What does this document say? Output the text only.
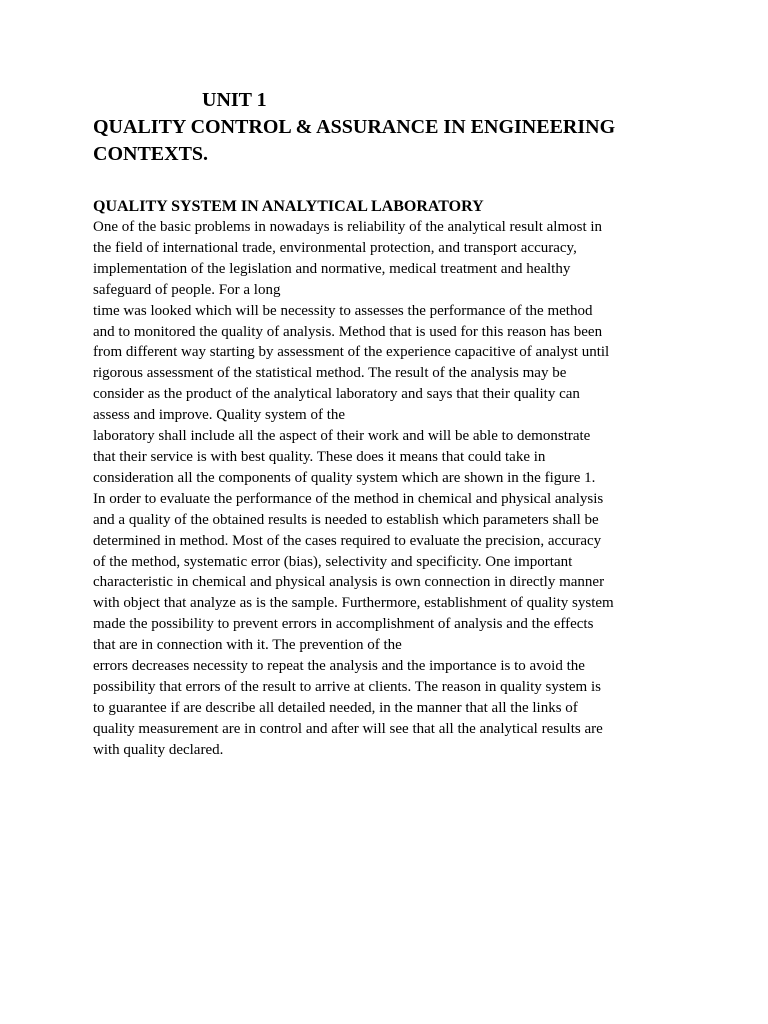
UNIT 1
QUALITY CONTROL & ASSURANCE IN ENGINEERING
CONTEXTS.
QUALITY SYSTEM IN ANALYTICAL LABORATORY

One of the basic problems in nowadays is reliability of the analytical result almost in
the field of international trade, environmental protection, and transport accuracy,
implementation of the legislation and normative, medical treatment and healthy
safeguard of people. For a long
time was looked which will be necessity to assesses the performance of the method
and to monitored the quality of analysis. Method that is used for this reason has been
from different way starting by assessment of the experience capacitive of analyst until
rigorous assessment of the statistical method. The result of the analysis may be
consider as the product of the analytical laboratory and says that their quality can
assess and improve. Quality system of the
laboratory shall include all the aspect of their work and will be able to demonstrate
that their service is with best quality. These does it means that could take in
consideration all the components of quality system which are shown in the figure 1.
In order to evaluate the performance of the method in chemical and physical analysis
and a quality of the obtained results is needed to establish which parameters shall be
determined in method. Most of the cases required to evaluate the precision, accuracy
of the method, systematic error (bias), selectivity and specificity. One important
characteristic in chemical and physical analysis is own connection in directly manner
with object that analyze as is the sample. Furthermore, establishment of quality system
made the possibility to prevent errors in accomplishment of analysis and the effects
that are in connection with it. The prevention of the
errors decreases necessity to repeat the analysis and the importance is to avoid the
possibility that errors of the result to arrive at clients. The reason in quality system is
to guarantee if are describe all detailed needed, in the manner that all the links of
quality measurement are in control and after will see that all the analytical results are
with quality declared.
